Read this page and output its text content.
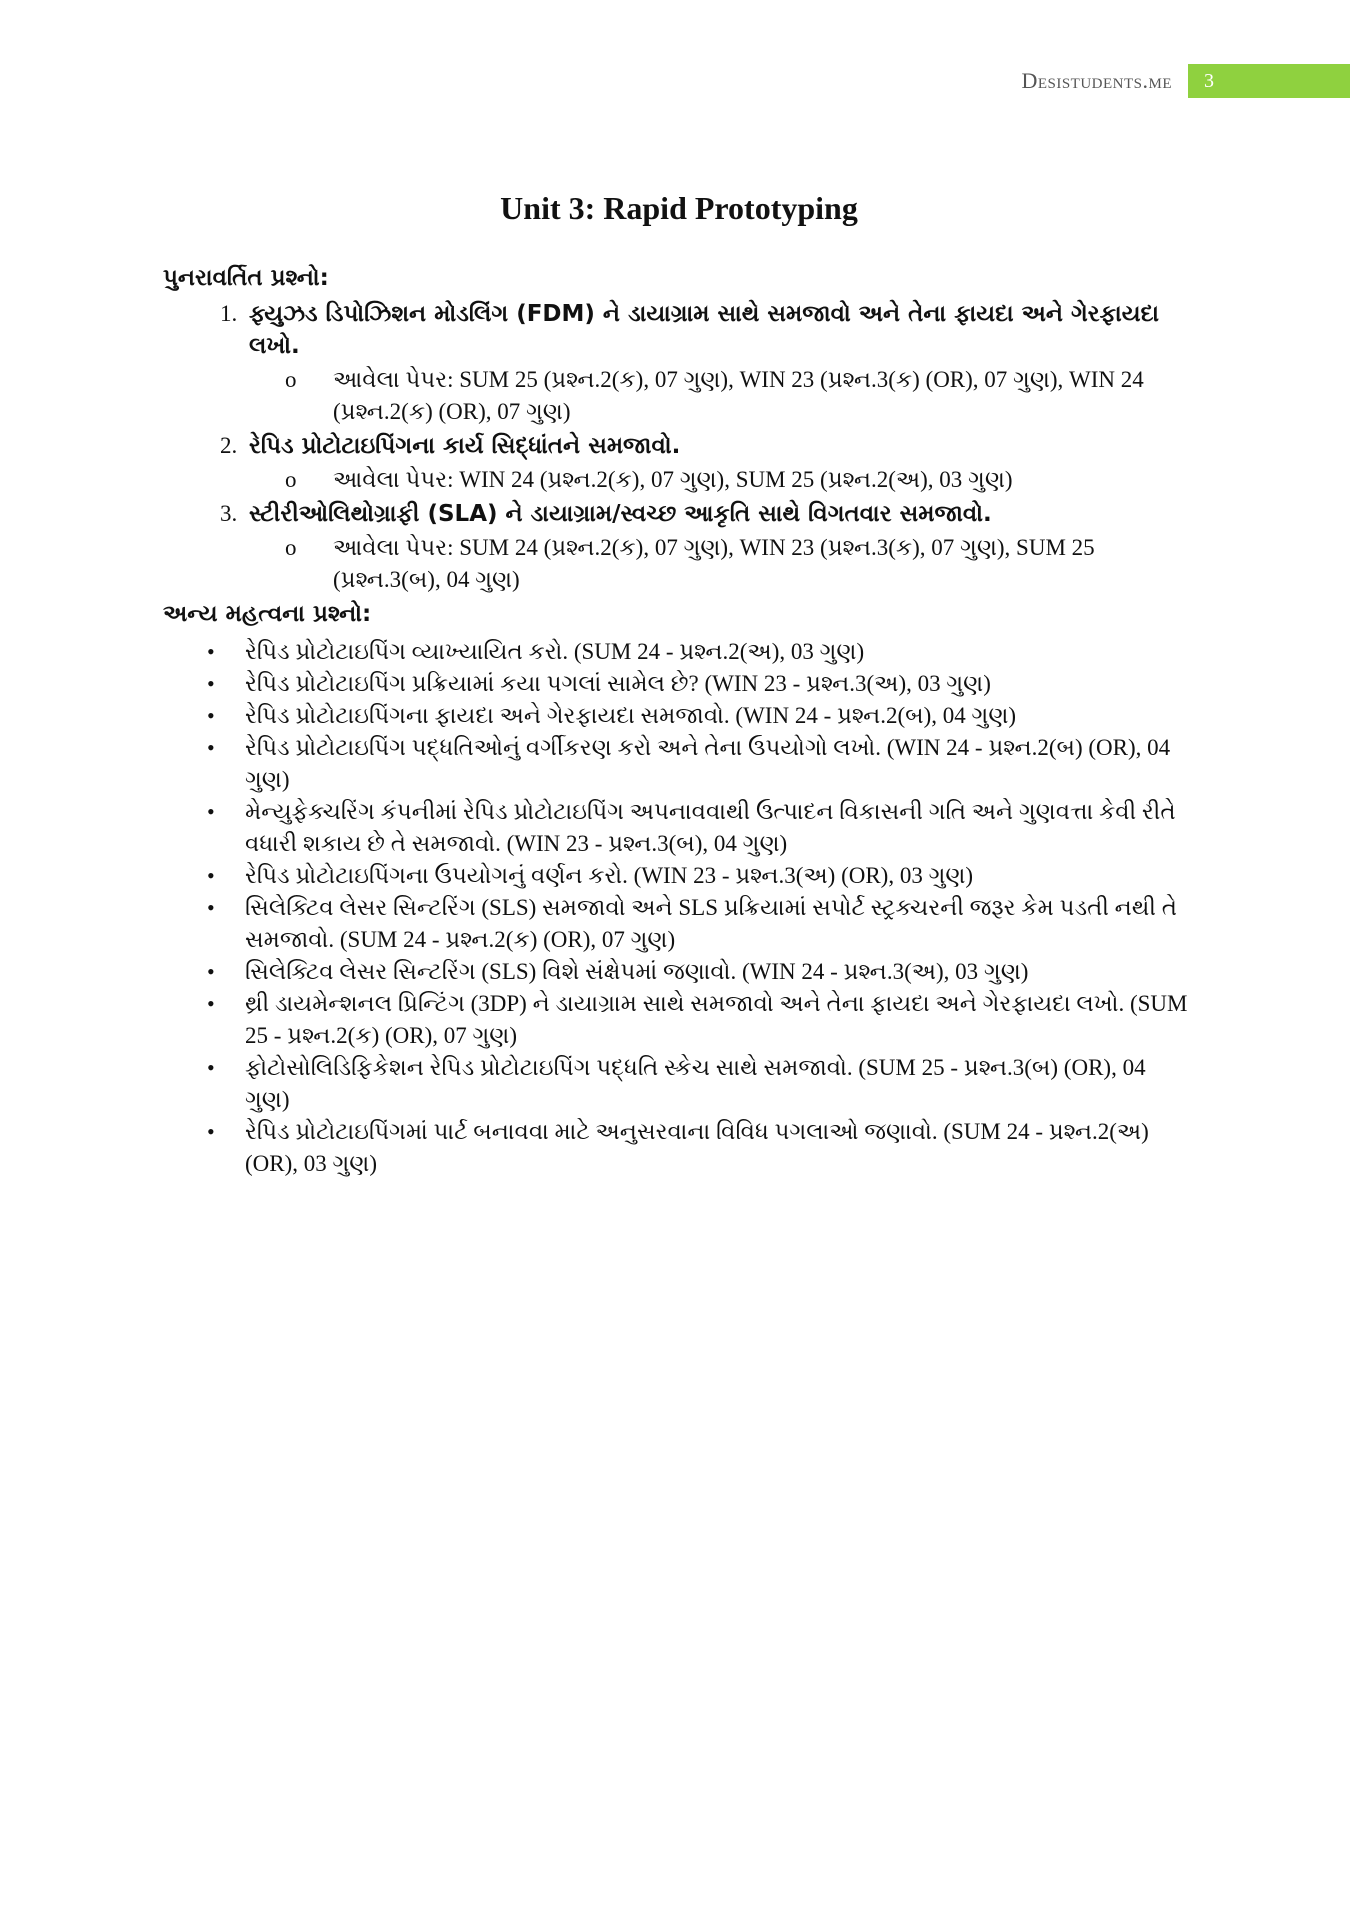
Desistudents.me	3
Unit 3: Rapid Prototyping

પુનરાવર્તિત પ્રશ્નો:

1. ફ્યુઝડ ડિપોઝિશન મોડલિંગ (FDM) ને ડાયાગ્રામ સાથે સમજાવો અને તેના ફાયદા અને ગેરફાયદા લખો.
o આવેલા પેપર: SUM 25 (પ્રશ્ન.2(ક), 07 ગુણ), WIN 23 (પ્રશ્ન.3(ક) (OR), 07 ગુણ), WIN 24 (પ્રશ્ન.2(ક) (OR), 07 ગુણ)
2. રેપિડ પ્રોટોટાઇપિંગના કાર્ય સિદ્ધાંતને સમજાવો.
o આવેલા પેપર: WIN 24 (પ્રશ્ન.2(ક), 07 ગુણ), SUM 25 (પ્રશ્ન.2(અ), 03 ગુણ)
3. સ્ટીરીઓલિથોગ્રાફી (SLA) ને ડાયાગ્રામ/સ્વચ્છ આકૃતિ સાથે વિગતવાર સમજાવો.
o આવેલા પેપર: SUM 24 (પ્રશ્ન.2(ક), 07 ગુણ), WIN 23 (પ્રશ્ન.3(ક), 07 ગુણ), SUM 25 (પ્રશ્ન.3(બ), 04 ગુણ)

અન્ય મહત્વના પ્રશ્નો:

• રેપિડ પ્રોટોટાઇપિંગ વ્યાખ્યાયિત કરો. (SUM 24 - પ્રશ્ન.2(અ), 03 ગુણ)
• રેપિડ પ્રોટોટાઇપિંગ પ્રક્રિયામાં કયા પગલાં સામેલ છે? (WIN 23 - પ્રશ્ન.3(અ), 03 ગુણ)
• રેપિડ પ્રોટોટાઇપિંગના ફાયદા અને ગેરફાયદા સમજાવો. (WIN 24 - પ્રશ્ન.2(બ), 04 ગુણ)
• રેપિડ પ્રોટોટાઇપિંગ પદ્ધતિઓનું વર્ગીકરણ કરો અને તેના ઉપયોગો લખો. (WIN 24 - પ્રશ્ન.2(બ) (OR), 04 ગુણ)
• મેન્યુફેક્ચરિંગ કંપનીમાં રેપિડ પ્રોટોટાઇપિંગ અપનાવવાથી ઉત્પાદન વિકાસની ગતિ અને ગુણવત્તા કેવી રીતે વધારી શકાય છે તે સમજાવો. (WIN 23 - પ્રશ્ન.3(બ), 04 ગુણ)
• રેપિડ પ્રોટોટાઇપિંગના ઉપયોગનું વર્ણન કરો. (WIN 23 - પ્રશ્ન.3(અ) (OR), 03 ગુણ)
• સિલેક્ટિવ લેસર સિન્ટરિંગ (SLS) સમજાવો અને SLS પ્રક્રિયામાં સપોર્ટ સ્ટ્રક્ચરની જરૂર કેમ પડતી નથી તે સમજાવો. (SUM 24 - પ્રશ્ન.2(ક) (OR), 07 ગુણ)
• સિલેક્ટિવ લેસર સિન્ટરિંગ (SLS) વિશે સંક્ષેપમાં જણાવો. (WIN 24 - પ્રશ્ન.3(અ), 03 ગુણ)
• થ્રી ડાયમેન્શનલ પ્રિન્ટિંગ (3DP) ને ડાયાગ્રામ સાથે સમજાવો અને તેના ફાયદા અને ગેરફાયદા લખો. (SUM 25 - પ્રશ્ન.2(ક) (OR), 07 ગુણ)
• ફોટોસોલિડિફિકેશન રેપિડ પ્રોટોટાઇપિંગ પદ્ધતિ સ્કેચ સાથે સમજાવો. (SUM 25 - પ્રશ્ન.3(બ) (OR), 04 ગુણ)
• રેપિડ પ્રોટોટાઇપિંગમાં પાર્ટ બનાવવા માટે અનુસરવાના વિવિધ પગલાઓ જણાવો. (SUM 24 - પ્રશ્ન.2(અ) (OR), 03 ગુણ)
